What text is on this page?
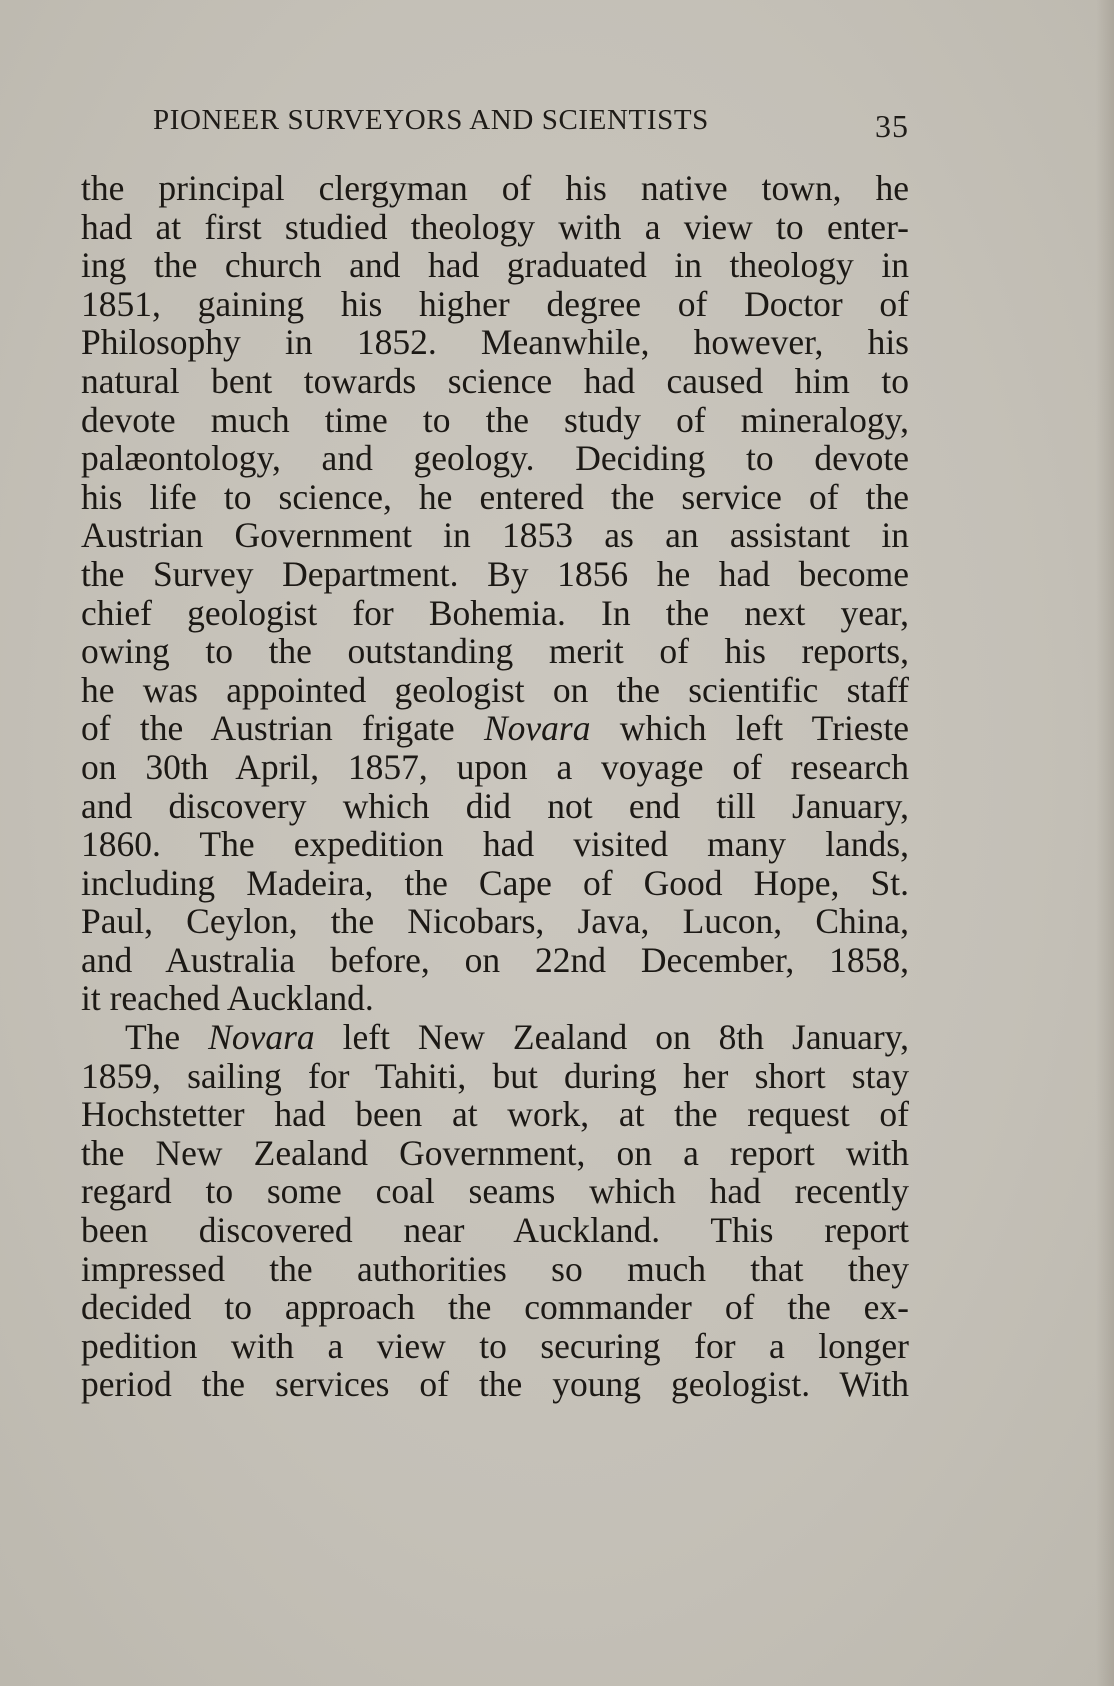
PIONEER SURVEYORS AND SCIENTISTS	35
the principal clergyman of his native town, he
had at first studied theology with a view to enter-
ing the church and had graduated in theology in
1851, gaining his higher degree of Doctor of
Philosophy in 1852. Meanwhile, however, his
natural bent towards science had caused him to
devote much time to the study of mineralogy,
palæontology, and geology. Deciding to devote
his life to science, he entered the service of the
Austrian Government in 1853 as an assistant in
the Survey Department. By 1856 he had become
chief geologist for Bohemia. In the next year,
owing to the outstanding merit of his reports,
he was appointed geologist on the scientific staff
of the Austrian frigate Novara which left Trieste
on 30th April, 1857, upon a voyage of research
and discovery which did not end till January,
1860. The expedition had visited many lands,
including Madeira, the Cape of Good Hope, St.
Paul, Ceylon, the Nicobars, Java, Lucon, China,
and Australia before, on 22nd December, 1858,
it reached Auckland.
The Novara left New Zealand on 8th January,
1859, sailing for Tahiti, but during her short stay
Hochstetter had been at work, at the request of
the New Zealand Government, on a report with
regard to some coal seams which had recently
been discovered near Auckland. This report
impressed the authorities so much that they
decided to approach the commander of the ex-
pedition with a view to securing for a longer
period the services of the young geologist. With
